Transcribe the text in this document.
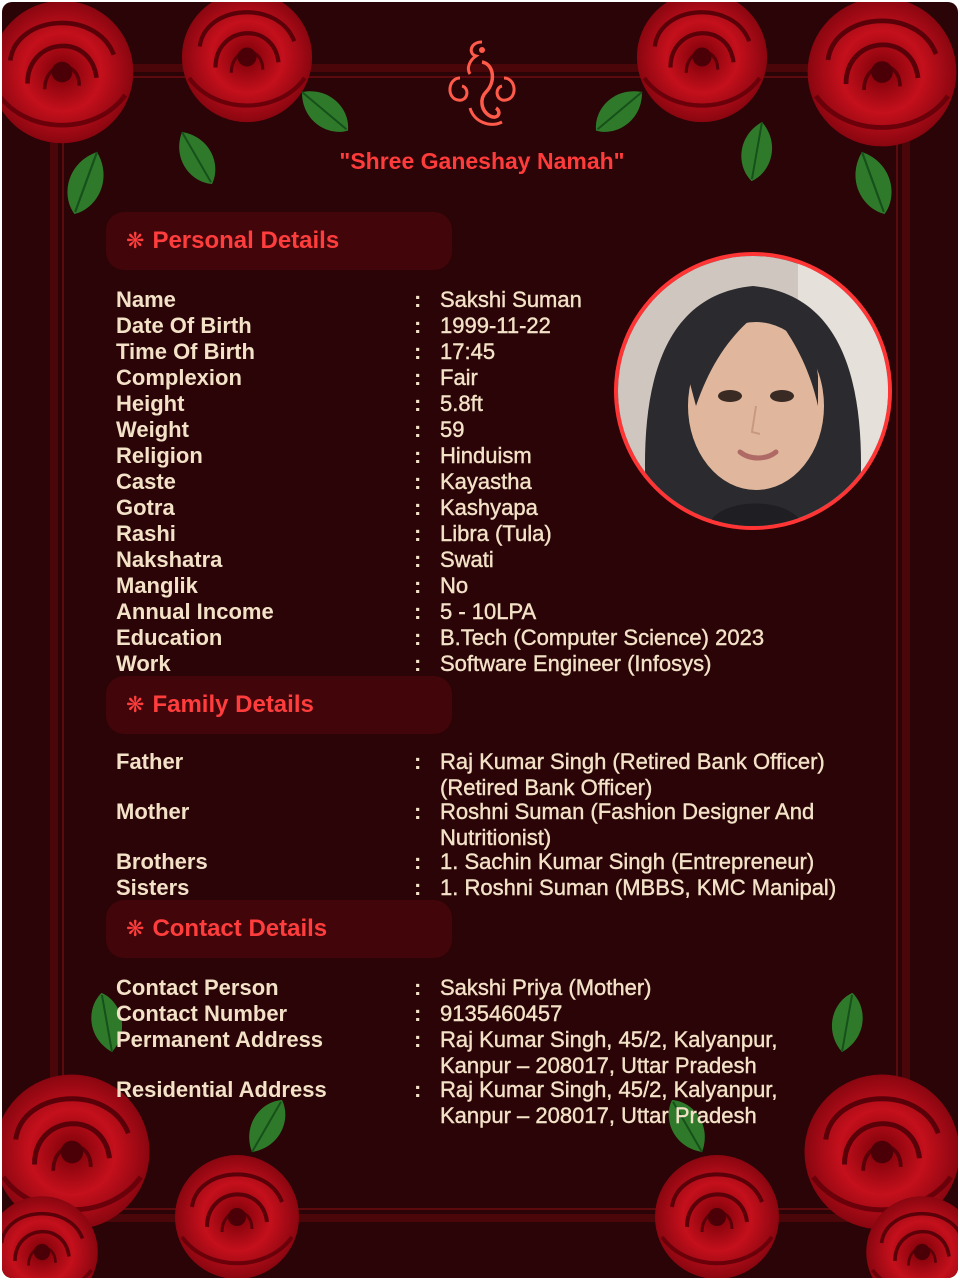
"Shree Ganeshay Namah"
❋ Personal Details
Name	: Sakshi Suman
Date Of Birth	: 1999-11-22
Time Of Birth	: 17:45
Complexion	: Fair
Height	: 5.8ft
Weight	: 59
Religion	: Hinduism
Caste	: Kayastha
Gotra	: Kashyapa
Rashi	: Libra (Tula)
Nakshatra	: Swati
Manglik	: No
Annual Income	: 5 - 10LPA
Education	: B.Tech (Computer Science) 2023
Work	: Software Engineer (Infosys)
❋ Family Details
Father	: Raj Kumar Singh (Retired Bank Officer)
(Retired Bank Officer)
Mother	: Roshni Suman (Fashion Designer And
Nutritionist)
Brothers	: 1. Sachin Kumar Singh (Entrepreneur)
Sisters	: 1. Roshni Suman (MBBS, KMC Manipal)
❋ Contact Details
Contact Person	: Sakshi Priya (Mother)
Contact Number	: 9135460457
Permanent Address	: Raj Kumar Singh, 45/2, Kalyanpur,
Kanpur – 208017, Uttar Pradesh
Residential Address	: Raj Kumar Singh, 45/2, Kalyanpur,
Kanpur – 208017, Uttar Pradesh
